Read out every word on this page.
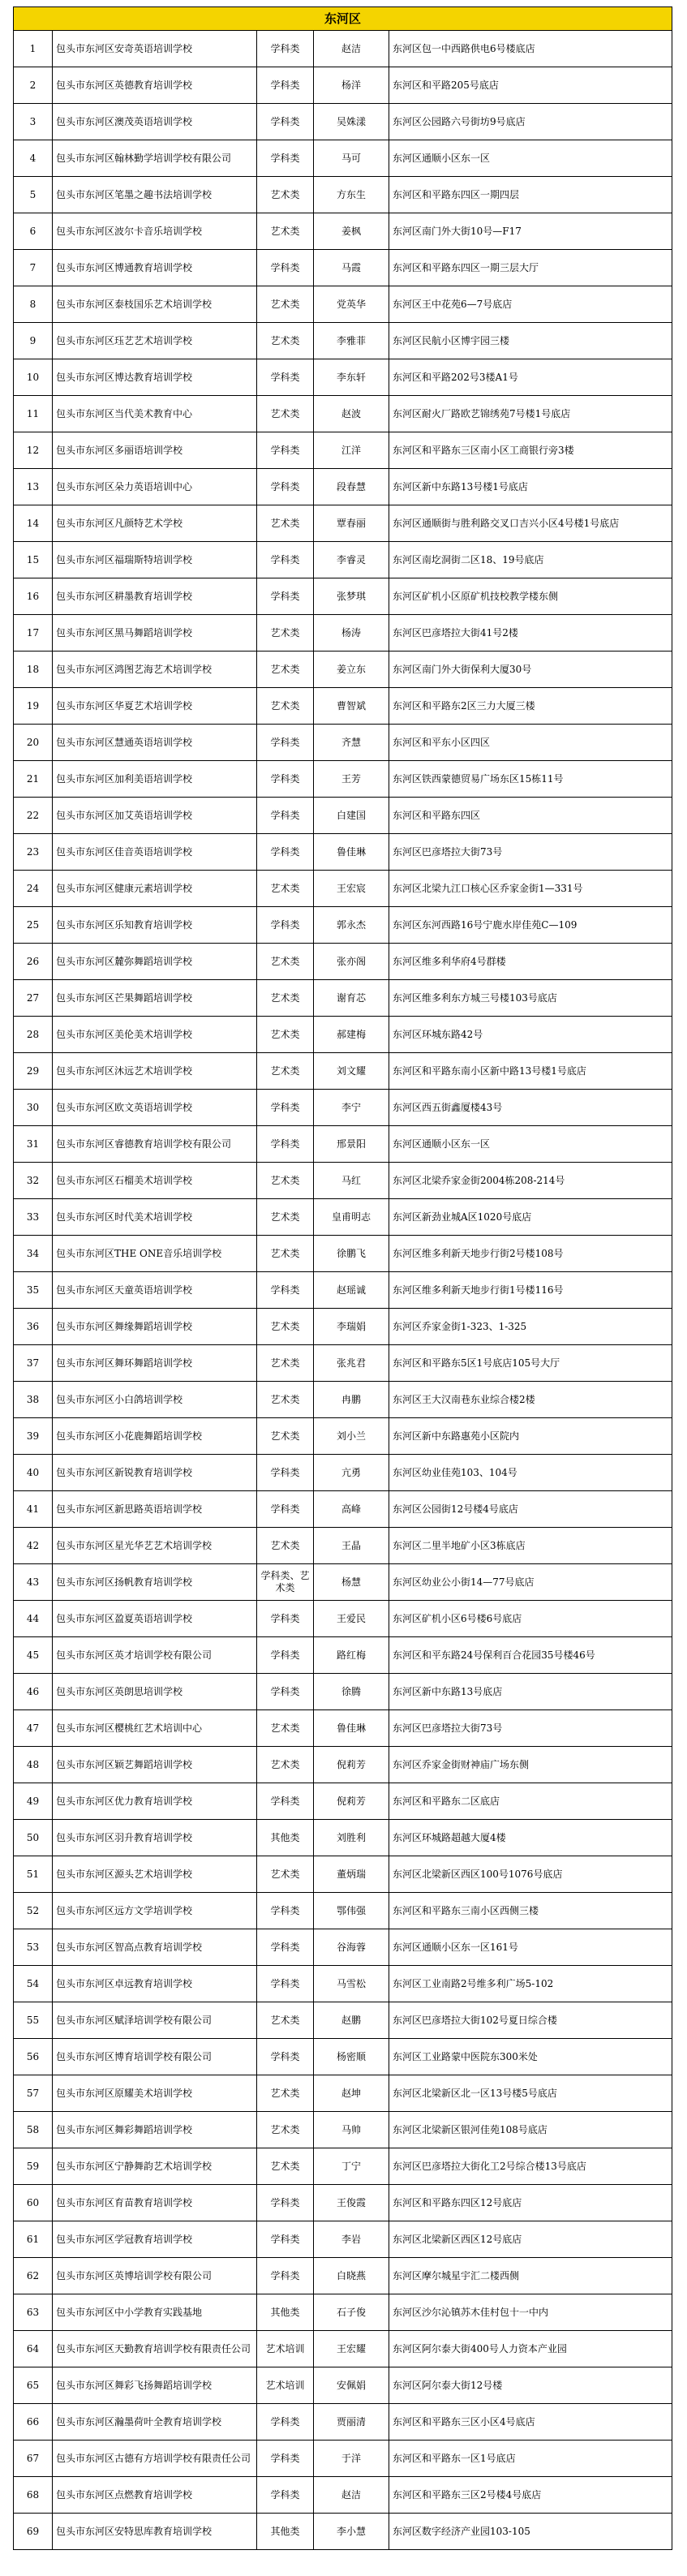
东河区				
1	包头市东河区安奇英语培训学校	学科类	赵洁	东河区包一中西路供电6号楼底店
2	包头市东河区英德教育培训学校	学科类	杨洋	东河区和平路205号底店
3	包头市东河区澳茂英语培训学校	学科类	吴姝漾	东河区公园路六号街坊9号底店
4	包头市东河区翰林勤学培训学校有限公司	学科类	马可	东河区通顺小区东一区
5	包头市东河区笔墨之趣书法培训学校	艺术类	方东生	东河区和平路东四区一期四层
6	包头市东河区波尔卡音乐培训学校	艺术类	姜枫	东河区南门外大街10号—F17
7	包头市东河区博通教育培训学校	学科类	马霞	东河区和平路东四区一期三层大厅
8	包头市东河区泰枝国乐艺术培训学校	艺术类	党英华	东河区王中花苑6—7号底店
9	包头市东河区珏艺艺术培训学校	艺术类	李雅菲	东河区民航小区博宇园三楼
10	包头市东河区博达教育培训学校	学科类	李东轩	东河区和平路202号3楼A1号
11	包头市东河区当代美术教育中心	艺术类	赵波	东河区耐火厂路欧艺锦绣苑7号楼1号底店
12	包头市东河区多丽语培训学校	学科类	江洋	东河区和平路东三区南小区工商银行旁3楼
13	包头市东河区朵力英语培训中心	学科类	段春慧	东河区新中东路13号楼1号底店
14	包头市东河区凡颜特艺术学校	艺术类	覃春丽	东河区通顺街与胜利路交叉口吉兴小区4号楼1号底店
15	包头市东河区福瑞斯特培训学校	学科类	李睿灵	东河区南圪洞街二区18、19号底店
16	包头市东河区耕墨教育培训学校	学科类	张梦琪	东河区矿机小区原矿机技校教学楼东侧
17	包头市东河区黑马舞蹈培训学校	艺术类	杨涛	东河区巴彦塔拉大街41号2楼
18	包头市东河区鸿图艺海艺术培训学校	艺术类	姜立东	东河区南门外大街保利大厦30号
19	包头市东河区华夏艺术培训学校	艺术类	曹智斌	东河区和平路东2区三力大厦三楼
20	包头市东河区慧通英语培训学校	学科类	齐慧	东河区和平东小区四区
21	包头市东河区加利美语培训学校	学科类	王芳	东河区铁西蒙德贸易广场东区15栋11号
22	包头市东河区加艾英语培训学校	学科类	白建国	东河区和平路东四区
23	包头市东河区佳音英语培训学校	学科类	鲁佳琳	东河区巴彦塔拉大街73号
24	包头市东河区健康元素培训学校	艺术类	王宏宸	东河区北梁九江口核心区乔家金街1—331号
25	包头市东河区乐知教育培训学校	学科类	郭永杰	东河区东河西路16号宁鹿水岸佳苑C—109
26	包头市东河区麓弥舞蹈培训学校	艺术类	张亦阁	东河区维多利华府4号群楼
27	包头市东河区芒果舞蹈培训学校	艺术类	谢育芯	东河区维多利东方城三号楼103号底店
28	包头市东河区美伦美术培训学校	艺术类	郝建梅	东河区环城东路42号
29	包头市东河区沐远艺术培训学校	艺术类	刘文耀	东河区和平路东南小区新中路13号楼1号底店
30	包头市东河区欧文英语培训学校	学科类	李宁	东河区西五街鑫厦楼43号
31	包头市东河区睿德教育培训学校有限公司	学科类	邢景阳	东河区通顺小区东一区
32	包头市东河区石榴美术培训学校	艺术类	马红	东河区北梁乔家金街2004栋208-214号
33	包头市东河区时代美术培训学校	艺术类	皇甫明志	东河区新劲业城A区1020号底店
34	包头市东河区THE ONE音乐培训学校	艺术类	徐鹏飞	东河区维多利新天地步行街2号楼108号
35	包头市东河区天童英语培训学校	学科类	赵瑶诚	东河区维多利新天地步行街1号楼116号
36	包头市东河区舞缘舞蹈培训学校	艺术类	李瑞娟	东河区乔家金街1-323、1-325
37	包头市东河区舞环舞蹈培训学校	艺术类	张兆君	东河区和平路东5区1号底店105号大厅
38	包头市东河区小白鸽培训学校	艺术类	冉鹏	东河区王大汉南巷东业综合楼2楼
39	包头市东河区小花鹿舞蹈培训学校	艺术类	刘小兰	东河区新中东路惠苑小区院内
40	包头市东河区新锐教育培训学校	学科类	亢勇	东河区幼业佳苑103、104号
41	包头市东河区新思路英语培训学校	学科类	高峰	东河区公园街12号楼4号底店
42	包头市东河区星光华艺艺术培训学校	艺术类	王晶	东河区二里半地矿小区3栋底店
43	包头市东河区扬帆教育培训学校	学科类、艺术类	杨慧	东河区幼业公小街14—77号底店
44	包头市东河区盈夏英语培训学校	学科类	王爱民	东河区矿机小区6号楼6号底店
45	包头市东河区英才培训学校有限公司	学科类	路红梅	东河区和平东路24号保利百合花园35号楼46号
46	包头市东河区英朗思培训学校	学科类	徐腾	东河区新中东路13号底店
47	包头市东河区樱桃红艺术培训中心	艺术类	鲁佳琳	东河区巴彦塔拉大街73号
48	包头市东河区颖艺舞蹈培训学校	艺术类	倪莉芳	东河区乔家金街财神庙广场东侧
49	包头市东河区优力教育培训学校	学科类	倪莉芳	东河区和平路东二区底店
50	包头市东河区羽升教育培训学校	其他类	刘胜利	东河区环城路超越大厦4楼
51	包头市东河区源头艺术培训学校	艺术类	董炳瑞	东河区北梁新区西区100号1076号底店
52	包头市东河区远方文学培训学校	学科类	鄂伟强	东河区和平路东三南小区西侧三楼
53	包头市东河区智高点教育培训学校	学科类	谷海蓉	东河区通顺小区东一区161号
54	包头市东河区卓远教育培训学校	学科类	马雪松	东河区工业南路2号维多利广场5-102
55	包头市东河区赋泽培训学校有限公司	艺术类	赵鹏	东河区巴彦塔拉大街102号夏日综合楼
56	包头市东河区博育培训学校有限公司	学科类	杨密顺	东河区工业路蒙中医院东300米处
57	包头市东河区原耀美术培训学校	艺术类	赵坤	东河区北梁新区北一区13号楼5号底店
58	包头市东河区舞彩舞蹈培训学校	艺术类	马帅	东河区北梁新区银河佳苑108号底店
59	包头市东河区宁静舞韵艺术培训学校	艺术类	丁宁	东河区巴彦塔拉大街化工2号综合楼13号底店
60	包头市东河区育苗教育培训学校	学科类	王俊霞	东河区和平路东四区12号底店
61	包头市东河区学冠教育培训学校	学科类	李岩	东河区北梁新区西区12号底店
62	包头市东河区英博培训学校有限公司	学科类	白晓燕	东河区摩尔城星宇汇二楼西侧
63	包头市东河区中小学教育实践基地	其他类	石子俊	东河区沙尔沁镇苏木佳村包十一中内
64	包头市东河区天勤教育培训学校有限责任公司	艺术培训	王宏耀	东河区阿尔泰大街400号人力资本产业园
65	包头市东河区舞彩飞扬舞蹈培训学校	艺术培训	安佩娟	东河区阿尔泰大街12号楼
66	包头市东河区瀚墨荷叶全教育培训学校	学科类	贾丽清	东河区和平路东三区小区4号底店
67	包头市东河区古德有方培训学校有限责任公司	学科类	于洋	东河区和平路东一区1号底店
68	包头市东河区点燃教育培训学校	学科类	赵洁	东河区和平路东三区2号楼4号底店
69	包头市东河区安特思库教育培训学校	其他类	李小慧	东河区数字经济产业园103-105
